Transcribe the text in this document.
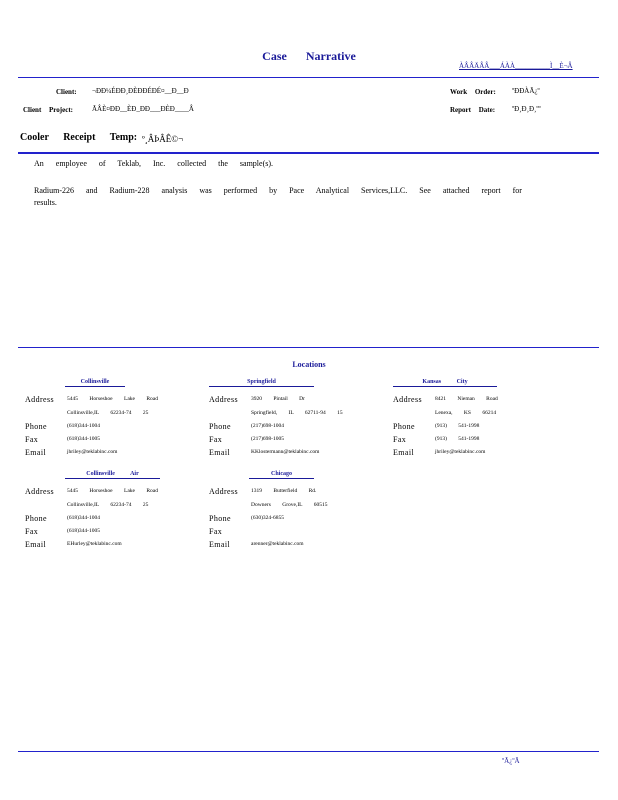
Case Narrative
ÀÂÂÄÂÂ___ÁÀÀ__________Ì__È¬Â
Client: ¬ÐÐ¼ÉÐÐ¸ÐÈÐÐÉÐÉ¤__Ð__Ð
Client Project:	ÃÂÈ¤ÐÐ__ÈÐ_ÐÐ___ÐÈÐ____Â
Work Order: ºÐÐÀÃ¿º
Report Date: ºÐ¸Ð¸Ð¸ºº
Cooler Receipt Temp: º¸ÂÞÂÊ©¬
An employee of Teklab, Inc. collected the sample(s).
Radium-226 and Radium-228 analysis was performed by Pace Analytical Services,LLC. See attached report for results.
Locations
Collinsville
Address 5445 Horseshoe Lake Road
Collinsville,IL 62234-74 25
Phone	(618)344-1004
Fax	(618)344-1005
Email	jhriley@teklabinc.com
Springfield
Address 3920 Pintail Dr
Springfield, IL 62711-94 15
Phone	(217)698-1004
Fax	(217)698-1005
Email	KKlostermann@teklabinc.com
Kansas City
Address 8421 Nieman Road
Lenexa, KS 66214
Phone	(913) 541-1998
Fax	(913) 541-1998
Email	jhriley@teklabinc.com
Collinsville Air
Address 5445 Horseshoe Lake Road
Collinsville,IL 62234-74 25
Phone	(618)344-1004
Fax	(618)344-1005
Email	EHurley@teklabinc.com
Chicago
Address 1319 Butterfield Rd.
Downers Grove,IL 60515
Phone	(630)324-6855
Fax
Email	arenner@teklabinc.com
ºÃ¿ºÃ
